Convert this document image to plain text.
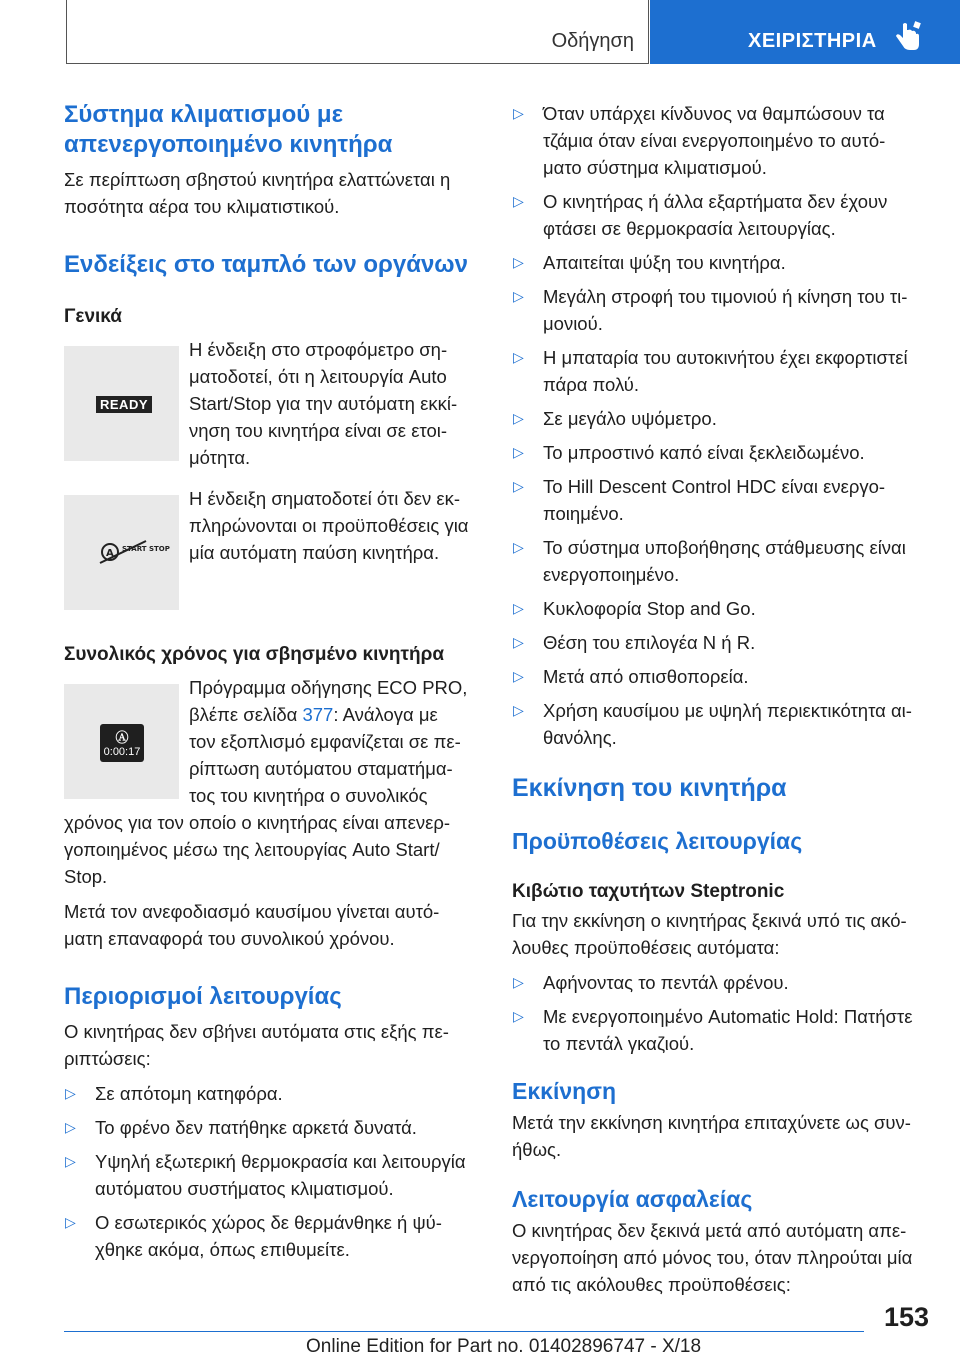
Οδήγηση	ΧΕΙΡΙΣΤΗΡΙΑ
Σύστημα κλιματισμού με
απενεργοποιημένο κινητήρα
Σε περίπτωση σβηστού κινητήρα ελαττώνεται η
ποσότητα αέρα του κλιματιστικού.
Ενδείξεις στο ταμπλό των οργάνων
Γενικά
READY
Η ένδειξη στο στροφόμετρο ση-
ματοδοτεί, ότι η λειτουργία Auto
Start/Stop για την αυτόματη εκκί-
νηση του κινητήρα είναι σε ετοι-
μότητα.
A START STOP
Η ένδειξη σηματοδοτεί ότι δεν εκ-
πληρώνονται οι προϋποθέσεις για
μία αυτόματη παύση κινητήρα.
Συνολικός χρόνος για σβησμένο κινητήρα
Ⓐ
0:00:17
Πρόγραμμα οδήγησης ECO PRO,
βλέπε σελίδα 377: Ανάλογα με
τον εξοπλισμό εμφανίζεται σε πε-
ρίπτωση αυτόματου σταματήμα-
τος του κινητήρα ο συνολικός
χρόνος για τον οποίο ο κινητήρας είναι απενερ-
γοποιημένος μέσω της λειτουργίας Auto Start/
Stop.
Μετά τον ανεφοδιασμό καυσίμου γίνεται αυτό-
ματη επαναφορά του συνολικού χρόνου.
Περιορισμοί λειτουργίας
Ο κινητήρας δεν σβήνει αυτόματα στις εξής πε-
ριπτώσεις:
▷ Σε απότομη κατηφόρα.
▷ Το φρένο δεν πατήθηκε αρκετά δυνατά.
▷ Υψηλή εξωτερική θερμοκρασία και λειτουργία
αυτόματου συστήματος κλιματισμού.
▷ Ο εσωτερικός χώρος δε θερμάνθηκε ή ψύ-
χθηκε ακόμα, όπως επιθυμείτε.
▷ Όταν υπάρχει κίνδυνος να θαμπώσουν τα
τζάμια όταν είναι ενεργοποιημένο το αυτό-
ματο σύστημα κλιματισμού.
▷ Ο κινητήρας ή άλλα εξαρτήματα δεν έχουν
φτάσει σε θερμοκρασία λειτουργίας.
▷ Απαιτείται ψύξη του κινητήρα.
▷ Μεγάλη στροφή του τιμονιού ή κίνηση του τι-
μονιού.
▷ Η μπαταρία του αυτοκινήτου έχει εκφορτιστεί
πάρα πολύ.
▷ Σε μεγάλο υψόμετρο.
▷ Το μπροστινό καπό είναι ξεκλειδωμένο.
▷ Το Hill Descent Control HDC είναι ενεργο-
ποιημένο.
▷ Το σύστημα υποβοήθησης στάθμευσης είναι
ενεργοποιημένο.
▷ Κυκλοφορία Stop and Go.
▷ Θέση του επιλογέα N ή R.
▷ Μετά από οπισθοπορεία.
▷ Χρήση καυσίμου με υψηλή περιεκτικότητα αι-
θανόλης.
Εκκίνηση του κινητήρα
Προϋποθέσεις λειτουργίας
Κιβώτιο ταχυτήτων Steptronic
Για την εκκίνηση ο κινητήρας ξεκινά υπό τις ακό-
λουθες προϋποθέσεις αυτόματα:
▷ Αφήνοντας το πεντάλ φρένου.
▷ Με ενεργοποιημένο Automatic Hold: Πατήστε
το πεντάλ γκαζιού.
Εκκίνηση
Μετά την εκκίνηση κινητήρα επιταχύνετε ως συν-
ήθως.
Λειτουργία ασφαλείας
Ο κινητήρας δεν ξεκινά μετά από αυτόματη απε-
νεργοποίηση από μόνος του, όταν πληρούται μία
από τις ακόλουθες προϋποθέσεις:
153
Online Edition for Part no. 01402896747 - X/18
